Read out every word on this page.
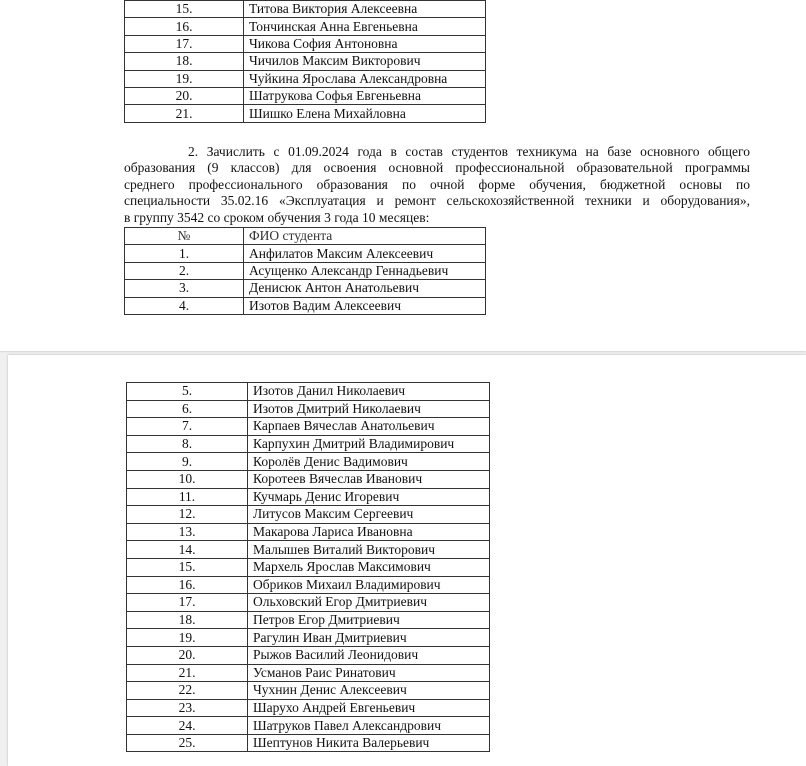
15.	Титова Виктория Алексеевна
16.	Тончинская Анна Евгеньевна
17.	Чикова София Антоновна
18.	Чичилов Максим Викторович
19.	Чуйкина Ярослава Александровна
20.	Шатрукова Софья Евгеньевна
21.	Шишко Елена Михайловна
2. Зачислить с 01.09.2024 года в состав студентов техникума на базе основного общего
образования (9 классов) для освоения основной профессиональной образовательной программы
среднего профессионального образования по очной форме обучения, бюджетной основы по
специальности 35.02.16 «Эксплуатация и ремонт сельскохозяйственной техники и оборудования»,
в группу 3542 со сроком обучения 3 года 10 месяцев:
№	ФИО студента
1.	Анфилатов Максим Алексеевич
2.	Асущенко Александр Геннадьевич
3.	Денисюк Антон Анатольевич
4.	Изотов Вадим Алексеевич
5.	Изотов Данил Николаевич
6.	Изотов Дмитрий Николаевич
7.	Карпаев Вячеслав Анатольевич
8.	Карпухин Дмитрий Владимирович
9.	Королёв Денис Вадимович
10.	Коротеев Вячеслав Иванович
11.	Кучмарь Денис Игоревич
12.	Литусов Максим Сергеевич
13.	Макарова Лариса Ивановна
14.	Малышев Виталий Викторович
15.	Мархель Ярослав Максимович
16.	Обриков Михаил Владимирович
17.	Ольховский Егор Дмитриевич
18.	Петров Егор Дмитриевич
19.	Рагулин Иван Дмитриевич
20.	Рыжов Василий Леонидович
21.	Усманов Раис Ринатович
22.	Чухнин Денис Алексеевич
23.	Шарухо Андрей Евгеньевич
24.	Шатруков Павел Александрович
25.	Шептунов Никита Валерьевич
